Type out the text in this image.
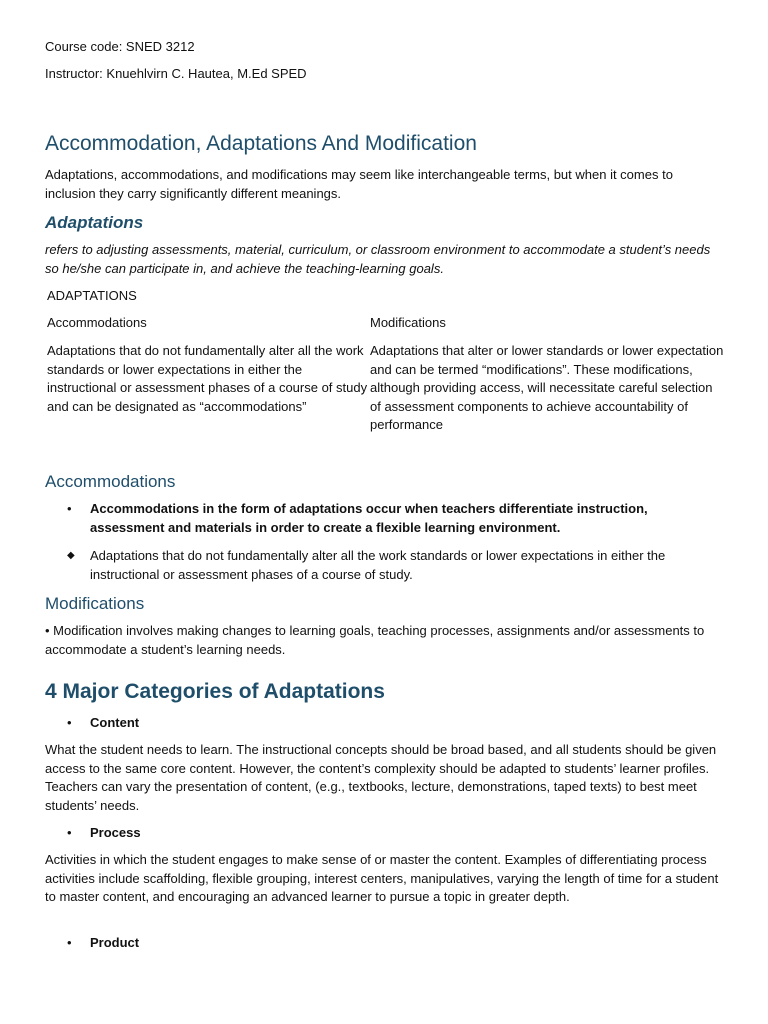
Course code: SNED 3212
Instructor: Knuehlvirn C. Hautea, M.Ed SPED
Accommodation, Adaptations And Modification

Adaptations, accommodations, and modifications may seem like interchangeable terms, but when it comes to inclusion they carry significantly different meanings.

Adaptations

refers to adjusting assessments, material, curriculum, or classroom environment to accommodate a student’s needs so he/she can participate in, and achieve the teaching-learning goals.

ADAPTATIONS
Accommodations	Modifications
Adaptations that do not fundamentally alter all the work standards or lower expectations in either the instructional or assessment phases of a course of study and can be designated as “accommodations”
Adaptations that alter or lower standards or lower expectation and can be termed “modifications”. These modifications, although providing access, will necessitate careful selection of assessment components to achieve accountability of performance
Accommodations
• Accommodations in the form of adaptations occur when teachers differentiate instruction, assessment and materials in order to create a flexible learning environment.
◆ Adaptations that do not fundamentally alter all the work standards or lower expectations in either the instructional or assessment phases of a course of study.
Modifications

• Modification involves making changes to learning goals, teaching processes, assignments and/or assessments to accommodate a student’s learning needs.

4 Major Categories of Adaptations
• Content

What the student needs to learn. The instructional concepts should be broad based, and all students should be given access to the same core content. However, the content’s complexity should be adapted to students’ learner profiles. Teachers can vary the presentation of content, (e.g., textbooks, lecture, demonstrations, taped texts) to best meet students’ needs.

• Process

Activities in which the student engages to make sense of or master the content. Examples of differentiating process activities include scaffolding, flexible grouping, interest centers, manipulatives, varying the length of time for a student to master content, and encouraging an advanced learner to pursue a topic in greater depth.

• Product
